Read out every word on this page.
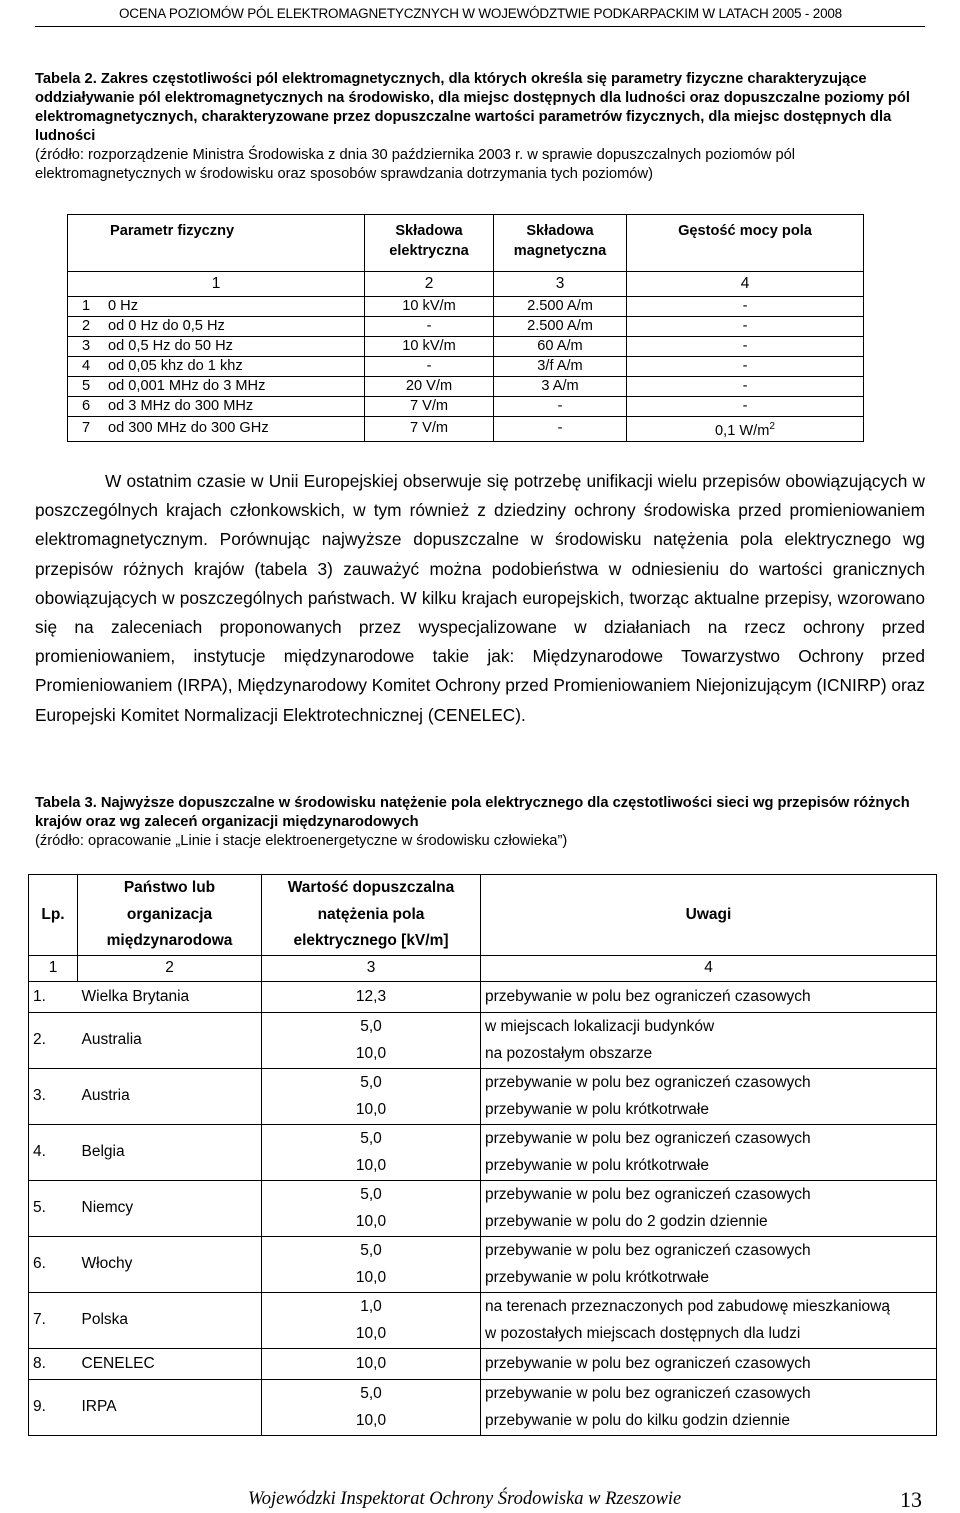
OCENA POZIOMÓW PÓL ELEKTROMAGNETYCZNYCH W WOJEWÓDZTWIE PODKARPACKIM W LATACH 2005 - 2008
Tabela 2. Zakres częstotliwości pól elektromagnetycznych, dla których określa się parametry fizyczne charakteryzujące oddziaływanie pól elektromagnetycznych na środowisko, dla miejsc dostępnych dla ludności oraz dopuszczalne poziomy pól elektromagnetycznych, charakteryzowane przez dopuszczalne wartości parametrów fizycznych, dla miejsc dostępnych dla ludności
(źródło: rozporządzenie Ministra Środowiska z dnia 30 października 2003 r. w sprawie dopuszczalnych poziomów pól elektromagnetycznych w środowisku oraz sposobów sprawdzania dotrzymania tych poziomów)
	Parametr fizyczny	Składowa elektryczna	Składowa magnetyczna	Gęstość mocy pola
1		2	3	4
1	0 Hz	10 kV/m	2.500 A/m	-
2	od 0 Hz do 0,5 Hz	-	2.500 A/m	-
3	od 0,5 Hz do 50 Hz	10 kV/m	60 A/m	-
4	od 0,05 khz do 1 khz	-	3/f A/m	-
5	od 0,001 MHz do 3 MHz	20 V/m	3 A/m	-
6	od 3 MHz do 300 MHz	7 V/m	-	-
7	od 300 MHz do 300 GHz	7 V/m	-	0,1 $W/m^2$

W ostatnim czasie w Unii Europejskiej obserwuje się potrzebę unifikacji wielu przepisów obowiązujących w poszczególnych krajach członkowskich, w tym również z dziedziny ochrony środowiska przed promieniowaniem elektromagnetycznym. Porównując najwyższe dopuszczalne w środowisku natężenia pola elektrycznego wg przepisów różnych krajów (tabela 3) zauważyć można podobieństwa w odniesieniu do wartości granicznych obowiązujących w poszczególnych państwach. W kilku krajach europejskich, tworząc aktualne przepisy, wzorowano się na zaleceniach proponowanych przez wyspecjalizowane w działaniach na rzecz ochrony przed promieniowaniem, instytucje międzynarodowe takie jak: Międzynarodowe Towarzystwo Ochrony przed Promieniowaniem (IRPA), Międzynarodowy Komitet Ochrony przed Promieniowaniem Niejonizującym (ICNIRP) oraz Europejski Komitet Normalizacji Elektrotechnicznej (CENELEC).

Tabela 3. Najwyższe dopuszczalne w środowisku natężenie pola elektrycznego dla częstotliwości sieci wg przepisów różnych krajów oraz wg zaleceń organizacji międzynarodowych
(źródło: opracowanie „Linie i stacje elektroenergetyczne w środowisku człowieka”)
Lp.	Państwo lub organizacja międzynarodowa	Wartość dopuszczalna natężenia pola elektrycznego [kV/m]	Uwagi
1	2	3	4
1.	Wielka Brytania	12,3	przebywanie w polu bez ograniczeń czasowych
2.	Australia	5,0	w miejscach lokalizacji budynków
		10,0	na pozostałym obszarze
3.	Austria	5,0	przebywanie w polu bez ograniczeń czasowych
		10,0	przebywanie w polu krótkotrwałe
4.	Belgia	5,0	przebywanie w polu bez ograniczeń czasowych
		10,0	przebywanie w polu krótkotrwałe
5.	Niemcy	5,0	przebywanie w polu bez ograniczeń czasowych
		10,0	przebywanie w polu do 2 godzin dziennie
6.	Włochy	5,0	przebywanie w polu bez ograniczeń czasowych
		10,0	przebywanie w polu krótkotrwałe
7.	Polska	1,0	na terenach przeznaczonych pod zabudowę mieszkaniową
		10,0	w pozostałych miejscach dostępnych dla ludzi
8.	CENELEC	10,0	przebywanie w polu bez ograniczeń czasowych
9.	IRPA	5,0	przebywanie w polu bez ograniczeń czasowych
		10,0	przebywanie w polu do kilku godzin dziennie
Wojewódzki Inspektorat Ochrony Środowiska w Rzeszowie	13
